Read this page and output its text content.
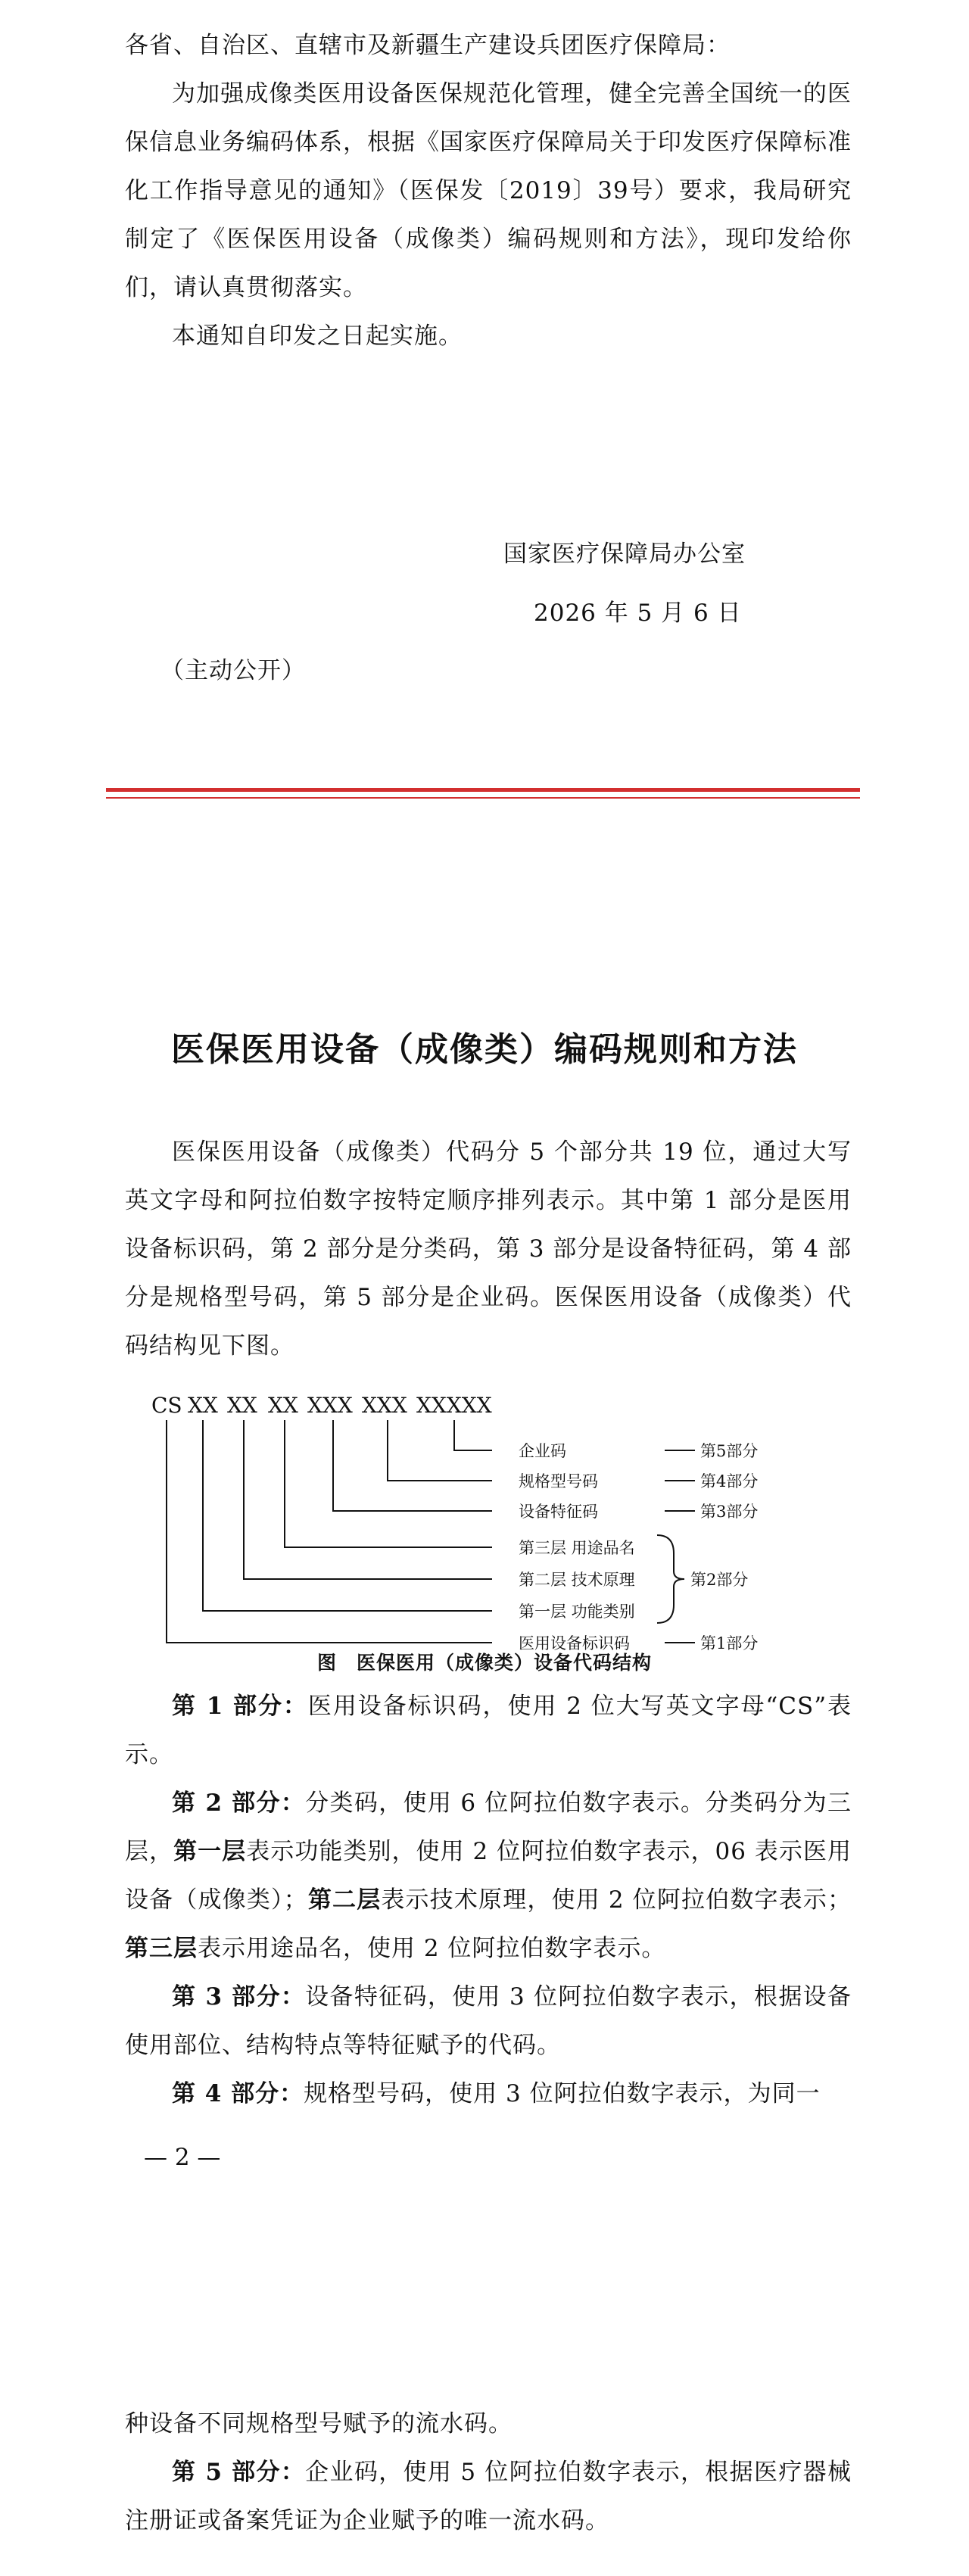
各省、自治区、直辖市及新疆生产建设兵团医疗保障局：

为加强成像类医用设备医保规范化管理，健全完善全国统一的医保信息业务编码体系，根据《国家医疗保障局关于印发医疗保障标准化工作指导意见的通知》（医保发〔2019〕39号）要求，我局研究制定了《医保医用设备（成像类）编码规则和方法》，现印发给你们，请认真贯彻落实。

本通知自印发之日起实施。

国家医疗保障局办公室
2026 年 5 月 6 日
（主动公开）
医保医用设备（成像类）编码规则和方法

医保医用设备（成像类）代码分 5 个部分共 19 位，通过大写英文字母和阿拉伯数字按特定顺序排列表示。其中第 1 部分是医用设备标识码，第 2 部分是分类码，第 3 部分是设备特征码，第 4 部分是规格型号码，第 5 部分是企业码。医保医用设备（成像类）代码结构见下图。

CS XX XX XX XXX XXX XXXXX
企业码
规格型号码
设备特征码
第三层 用途品名
第二层 技术原理
第一层 功能类别
医用设备标识码
第5部分
第4部分
第3部分
第2部分
第1部分
图　医保医用（成像类）设备代码结构

第 1 部分：医用设备标识码，使用 2 位大写英文字母“CS”表示。

第 2 部分：分类码，使用 6 位阿拉伯数字表示。分类码分为三层，第一层表示功能类别，使用 2 位阿拉伯数字表示，06 表示医用设备（成像类）；第二层表示技术原理，使用 2 位阿拉伯数字表示；第三层表示用途品名，使用 2 位阿拉伯数字表示。

第 3 部分：设备特征码，使用 3 位阿拉伯数字表示，根据设备使用部位、结构特点等特征赋予的代码。

第 4 部分：规格型号码，使用 3 位阿拉伯数字表示，为同一

— 2 —

种设备不同规格型号赋予的流水码。

第 5 部分：企业码，使用 5 位阿拉伯数字表示，根据医疗器械注册证或备案凭证为企业赋予的唯一流水码。
